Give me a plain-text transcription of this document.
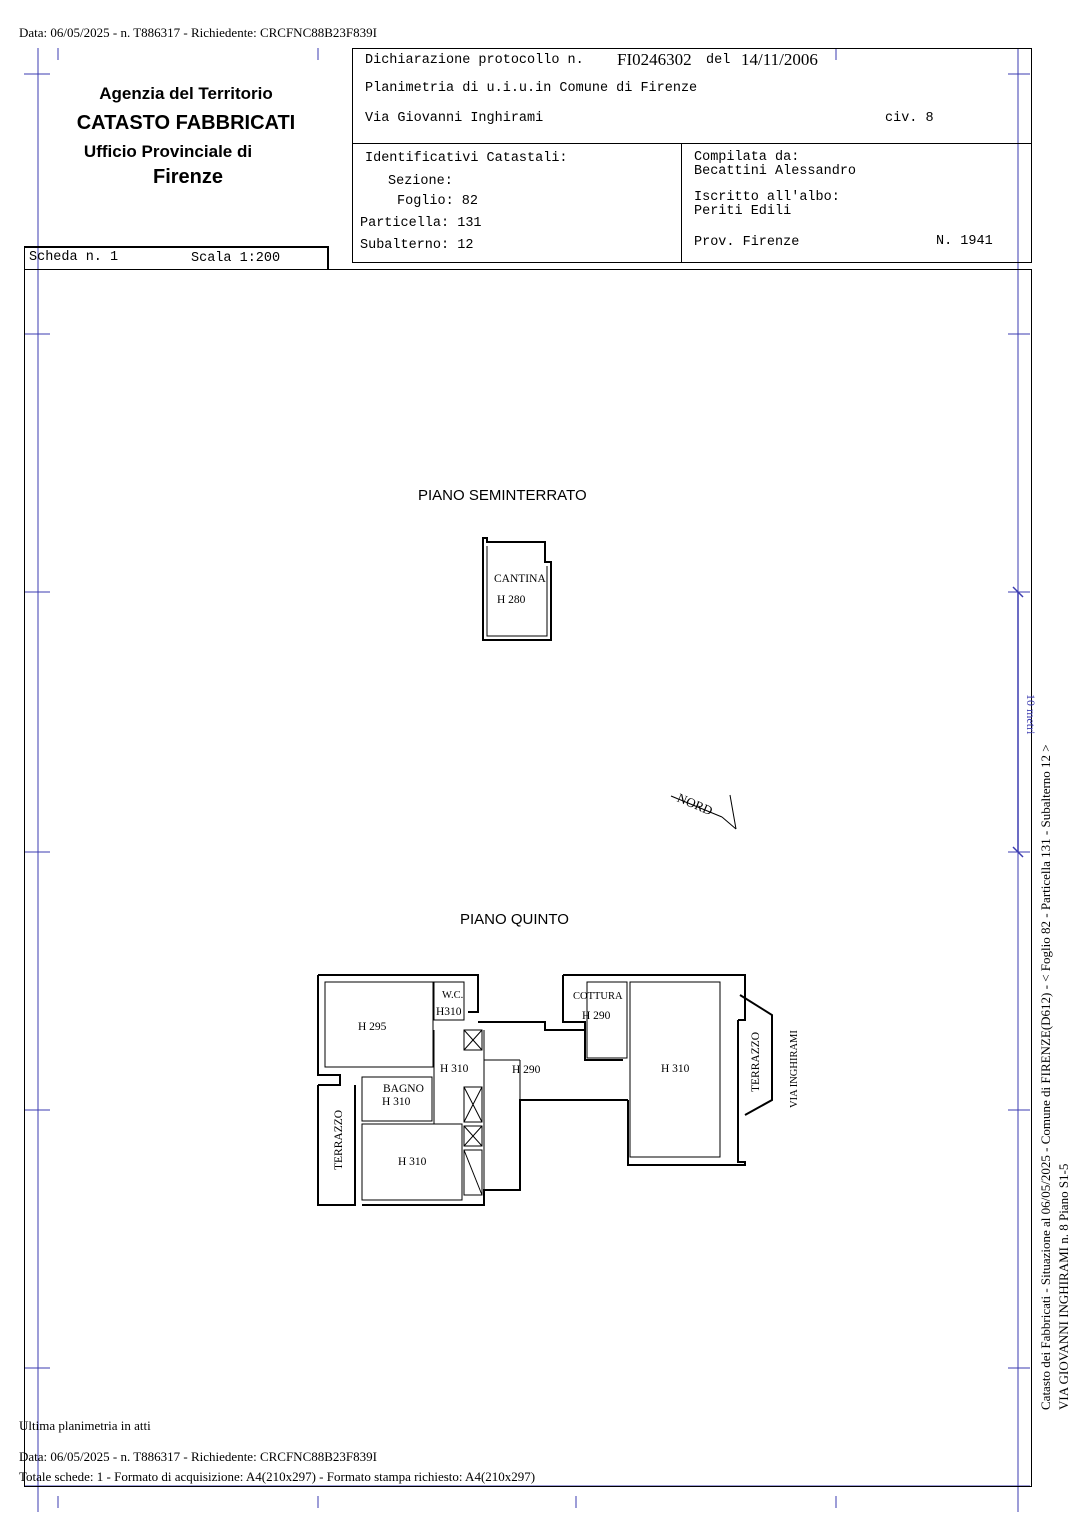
Data: 06/05/2025 - n. T886317 - Richiedente: CRCFNC88B23F839I
Agenzia del Territorio
CATASTO FABBRICATI
Ufficio Provinciale di
Firenze
Scheda n. 1	Scala 1:200
Dichiarazione protocollo n. FI0246302 del 14/11/2006
Planimetria di u.i.u.in Comune di Firenze
Via Giovanni Inghirami	civ. 8
Identificativi Catastali:
Sezione:
Foglio: 82
Particella: 131
Subalterno: 12
Compilata da:
Becattini Alessandro
Iscritto all'albo:
Periti Edili
Prov. Firenze	N. 1941
PIANO SEMINTERRATO
CANTINA
H 280
NORD
PIANO QUINTO
H 295
W.C.
H310
H 310	H 290
COTTURA
H 290
H 310
BAGNO
H 310
H 310
TERRAZZO
TERRAZZO	VIA INGHIRAMI
10 metri
Catasto dei Fabbricati - Situazione al 06/05/2025 - Comune di FIRENZE(D612) - < Foglio 82 - Particella 131 - Subalterno 12 > VIA GIOVANNI INGHIRAMI n. 8 Piano S1-5
Ultima planimetria in atti
Data: 06/05/2025 - n. T886317 - Richiedente: CRCFNC88B23F839I
Totale schede: 1 - Formato di acquisizione: A4(210x297) - Formato stampa richiesto: A4(210x297)
